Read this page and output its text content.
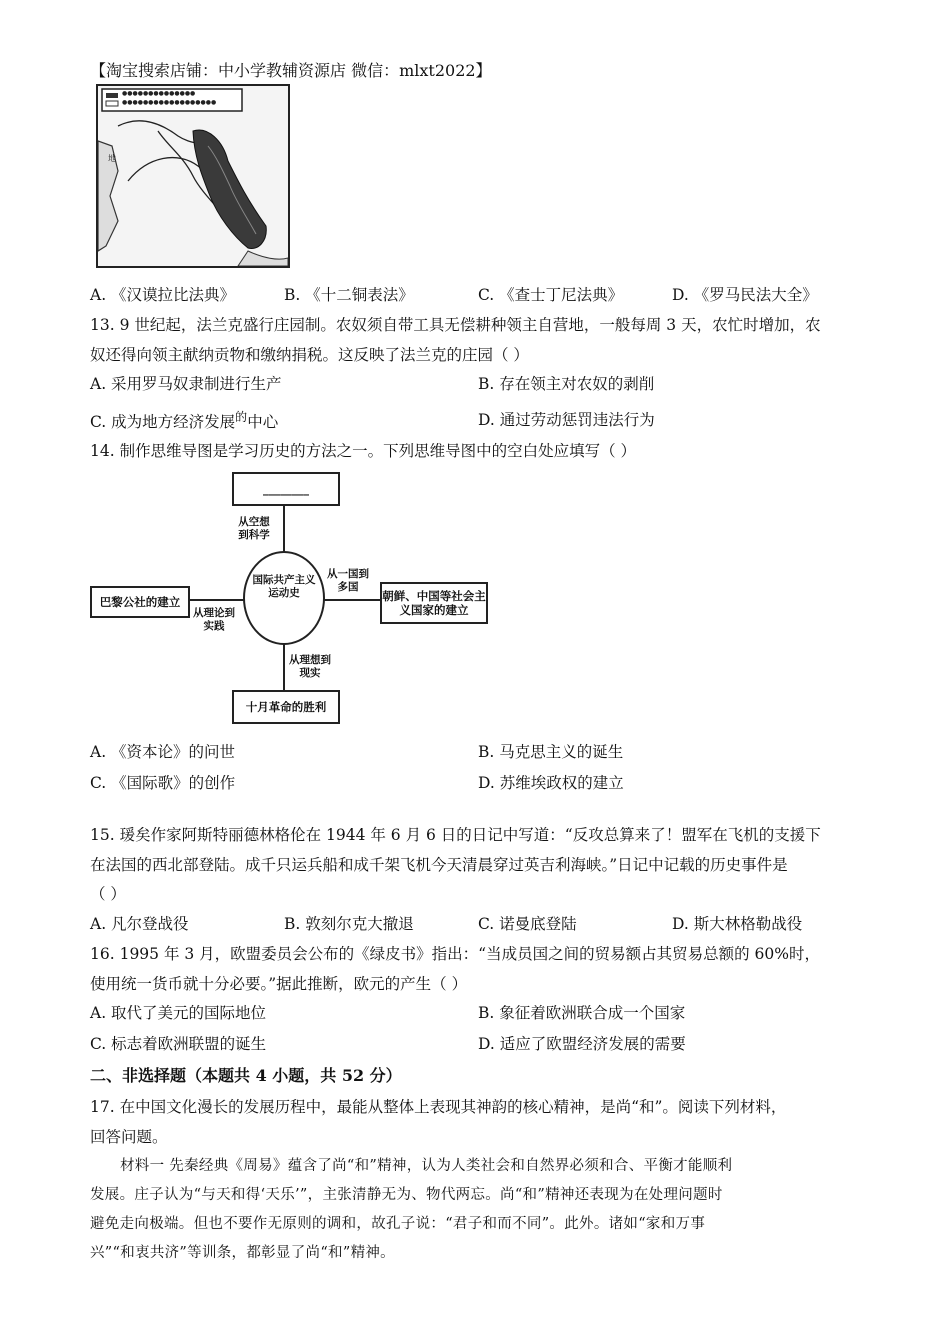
【淘宝搜索店铺：中小学教辅资源店 微信：mlxt2022】
地
●●●●●●●●●●●●●●
●●●●●●●●●●●●●●●●●●
A. 《汉谟拉比法典》	B. 《十二铜表法》	C. 《查士丁尼法典》	D. 《罗马民法大全》
13. 9 世纪起，法兰克盛行庄园制。农奴须自带工具无偿耕种领主自营地，一般每周 3 天，农忙时增加，农
奴还得向领主献纳贡物和缴纳捐税。这反映了法兰克的庄园（ ）
A. 采用罗马奴隶制进行生产	B. 存在领主对农奴的剥削
C. 成为地方经济发展$^的$中心	D. 通过劳动惩罚违法行为
14. 制作思维导图是学习历史的方法之一。下列思维导图中的空白处应填写（ ）
________
巴黎公社的建立	朝鲜、中国等社会主义国家的建立
十月革命的胜利
国际共产主义运动史
从空想到科学
从理论到实践
从一国到多国
从理想到现实
A. 《资本论》的问世	B. 马克思主义的诞生
C. 《国际歌》的创作	D. 苏维埃政权的建立
15. 瑗矣作家阿斯特丽德林格伦在 1944 年 6 月 6 日的日记中写道：“反攻总算来了！盟军在飞机的支援下
在法国的西北部登陆。成千只运兵船和成千架飞机今天清晨穿过英吉利海峡。”日记中记载的历史事件是
（ ）
A. 凡尔登战役	B. 敦刻尔克大撤退	C. 诺曼底登陆	D. 斯大林格勒战役
16. 1995 年 3 月，欧盟委员会公布的《绿皮书》指出：“当成员国之间的贸易额占其贸易总额的 60%时，
使用统一货币就十分必要。”据此推断，欧元的产生（ ）
A. 取代了美元的国际地位	B. 象征着欧洲联合成一个国家
C. 标志着欧洲联盟的诞生	D. 适应了欧盟经济发展的需要
二、非选择题（本题共 4 小题，共 52 分）
17. 在中国文化漫长的发展历程中，最能从整体上表现其神韵的核心精神，是尚“和”。阅读下列材料，
回答问题。
材料一 先秦经典《周易》蕴含了尚“和”精神，认为人类社会和自然界必须和合、平衡才能顺利
发展。庄子认为“与天和得‘天乐’”，主张清静无为、物代两忘。尚“和”精神还表现为在处理问题时
避免走向极端。但也不要作无原则的调和，故孔子说：“君子和而不同”。此外。诸如“家和万事
兴”“和衷共济”等训条，都彰显了尚“和”精神。
